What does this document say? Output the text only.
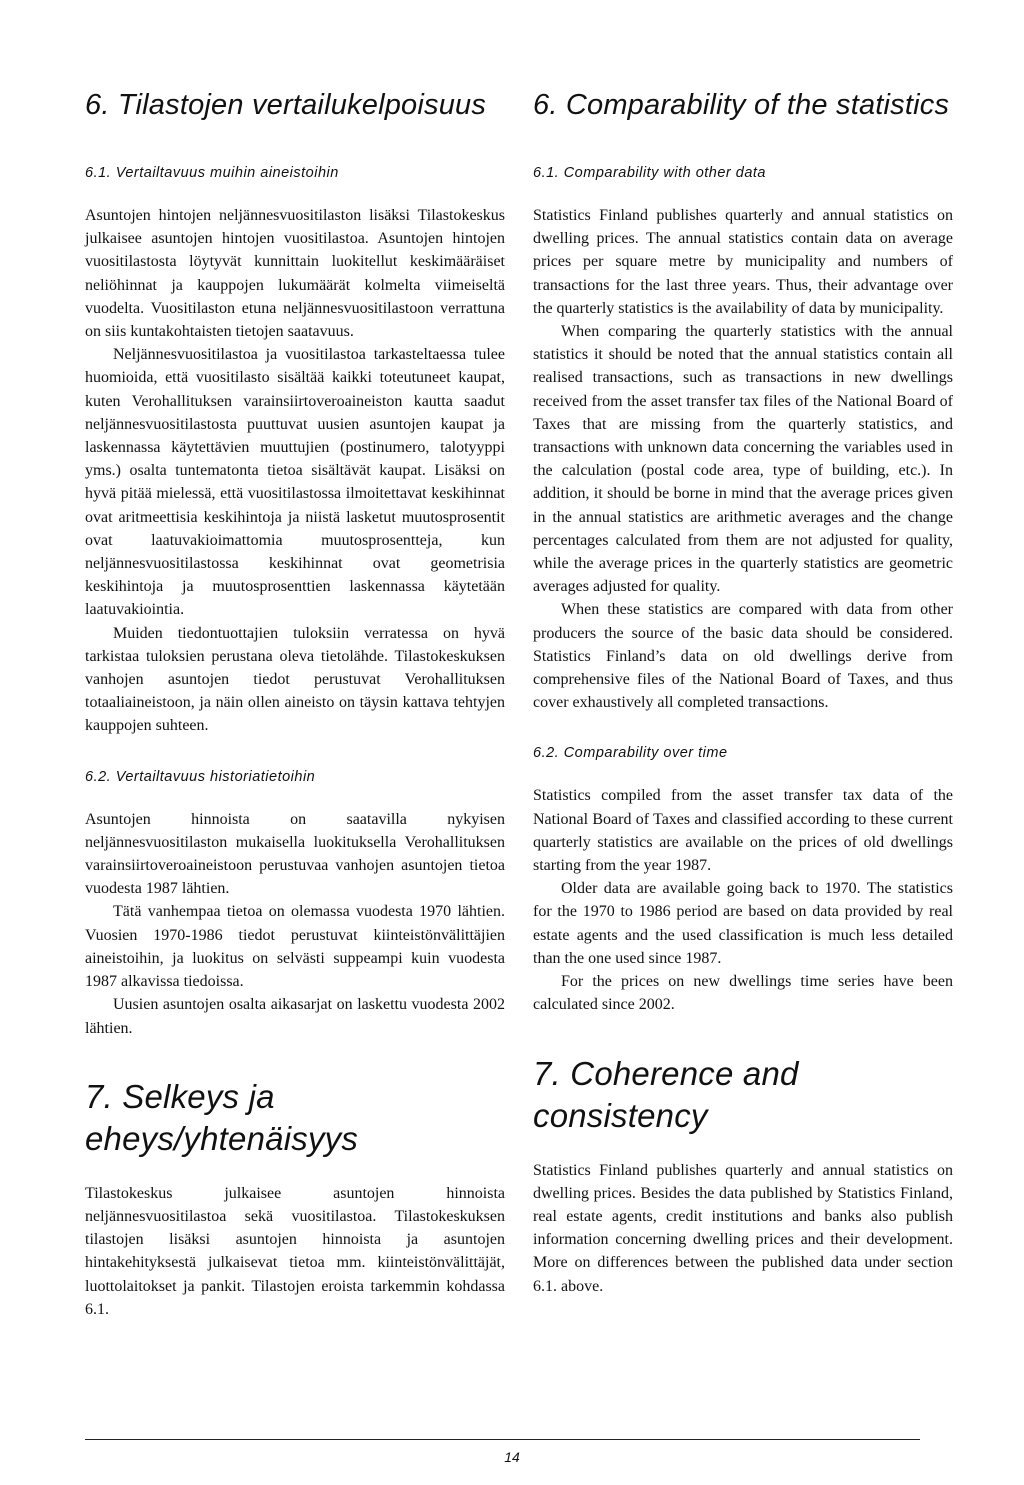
6. Tilastojen vertailukelpoisuus
6.1. Vertailtavuus muihin aineistoihin

Asuntojen hintojen neljännesvuositilaston lisäksi Tilastokeskus julkaisee asuntojen hintojen vuositilastoa. Asuntojen hintojen vuositilastosta löytyvät kunnittain luokitellut keskimääräiset neliöhinnat ja kauppojen lukumäärät kolmelta viimeiseltä vuodelta. Vuositilaston etuna neljännesvuositilastoon verrattuna on siis kuntakohtaisten tietojen saatavuus.

Neljännesvuositilastoa ja vuositilastoa tarkasteltaessa tulee huomioida, että vuositilasto sisältää kaikki toteutuneet kaupat, kuten Verohallituksen varainsiirtoveroaineiston kautta saadut neljännesvuositilastosta puuttuvat uusien asuntojen kaupat ja laskennassa käytettävien muuttujien (postinumero, talotyyppi yms.) osalta tuntematonta tietoa sisältävät kaupat. Lisäksi on hyvä pitää mielessä, että vuositilastossa ilmoitettavat keskihinnat ovat aritmeettisia keskihintoja ja niistä lasketut muutosprosentit ovat laatuvakioimattomia muutosprosentteja, kun neljännesvuositilastossa keskihinnat ovat geometrisia keskihintoja ja muutosprosenttien laskennassa käytetään laatuvakiointia.

Muiden tiedontuottajien tuloksiin verratessa on hyvä tarkistaa tuloksien perustana oleva tietolähde. Tilastokeskuksen vanhojen asuntojen tiedot perustuvat Verohallituksen totaaliaineistoon, ja näin ollen aineisto on täysin kattava tehtyjen kauppojen suhteen.

6.2. Vertailtavuus historiatietoihin

Asuntojen hinnoista on saatavilla nykyisen neljännesvuositilaston mukaisella luokituksella Verohallituksen varainsiirtoveroaineistoon perustuvaa vanhojen asuntojen tietoa vuodesta 1987 lähtien.

Tätä vanhempaa tietoa on olemassa vuodesta 1970 lähtien. Vuosien 1970-1986 tiedot perustuvat kiinteistönvälittäjien aineistoihin, ja luokitus on selvästi suppeampi kuin vuodesta 1987 alkavissa tiedoissa.

Uusien asuntojen osalta aikasarjat on laskettu vuodesta 2002 lähtien.

7. Selkeys ja
eheys/yhtenäisyys

Tilastokeskus julkaisee asuntojen hinnoista neljännesvuositilastoa sekä vuositilastoa. Tilastokeskuksen tilastojen lisäksi asuntojen hinnoista ja asuntojen hintakehityksestä julkaisevat tietoa mm. kiinteistönvälittäjät, luottolaitokset ja pankit. Tilastojen eroista tarkemmin kohdassa 6.1.

6. Comparability of the statistics
6.1. Comparability with other data

Statistics Finland publishes quarterly and annual statistics on dwelling prices. The annual statistics contain data on average prices per square metre by municipality and numbers of transactions for the last three years. Thus, their advantage over the quarterly statistics is the availability of data by municipality.

When comparing the quarterly statistics with the annual statistics it should be noted that the annual statistics contain all realised transactions, such as transactions in new dwellings received from the asset transfer tax files of the National Board of Taxes that are missing from the quarterly statistics, and transactions with unknown data concerning the variables used in the calculation (postal code area, type of building, etc.). In addition, it should be borne in mind that the average prices given in the annual statistics are arithmetic averages and the change percentages calculated from them are not adjusted for quality, while the average prices in the quarterly statistics are geometric averages adjusted for quality.

When these statistics are compared with data from other producers the source of the basic data should be considered. Statistics Finland’s data on old dwellings derive from comprehensive files of the National Board of Taxes, and thus cover exhaustively all completed transactions.

6.2. Comparability over time

Statistics compiled from the asset transfer tax data of the National Board of Taxes and classified according to these current quarterly statistics are available on the prices of old dwellings starting from the year 1987.

Older data are available going back to 1970. The statistics for the 1970 to 1986 period are based on data provided by real estate agents and the used classification is much less detailed than the one used since 1987.

For the prices on new dwellings time series have been calculated since 2002.

7. Coherence and consistency

Statistics Finland publishes quarterly and annual statistics on dwelling prices. Besides the data published by Statistics Finland, real estate agents, credit institutions and banks also publish information concerning dwelling prices and their development. More on differences between the published data under section 6.1. above.

14
